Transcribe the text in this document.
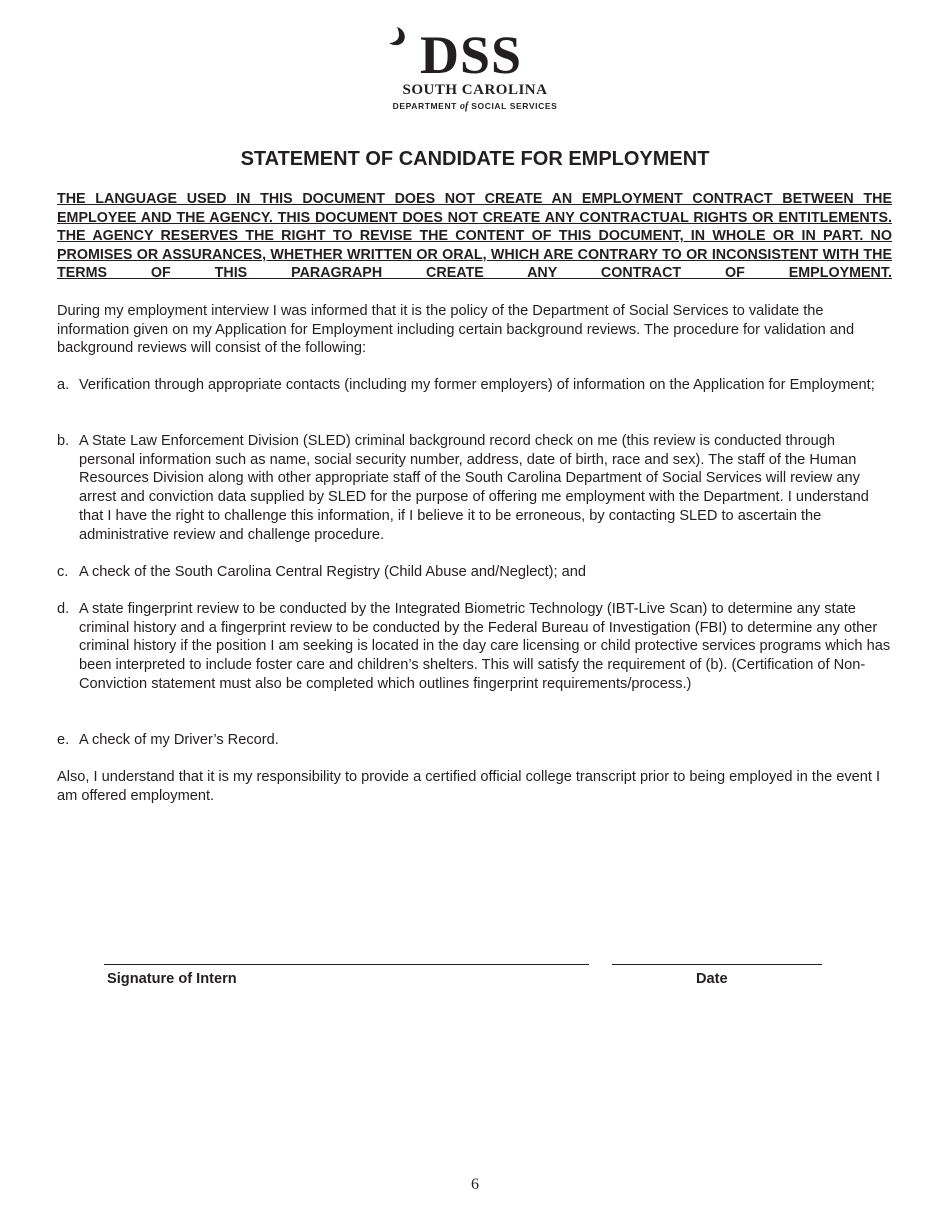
DSS
SOUTH CAROLINA
DEPARTMENT of SOCIAL SERVICES
STATEMENT OF CANDIDATE FOR EMPLOYMENT

THE LANGUAGE USED IN THIS DOCUMENT DOES NOT CREATE AN EMPLOYMENT CONTRACT BETWEEN THE EMPLOYEE AND THE AGENCY. THIS DOCUMENT DOES NOT CREATE ANY CONTRACTUAL RIGHTS OR ENTITLEMENTS. THE AGENCY RESERVES THE RIGHT TO REVISE THE CONTENT OF THIS DOCUMENT, IN WHOLE OR IN PART. NO PROMISES OR ASSURANCES, WHETHER WRITTEN OR ORAL, WHICH ARE CONTRARY TO OR INCONSISTENT WITH THE TERMS OF THIS PARAGRAPH CREATE ANY CONTRACT OF EMPLOYMENT.

During my employment interview I was informed that it is the policy of the Department of Social Services to validate the information given on my Application for Employment including certain background reviews. The procedure for validation and background reviews will consist of the following:

a. Verification through appropriate contacts (including my former employers) of information on the Application for Employment;
b. A State Law Enforcement Division (SLED) criminal background record check on me (this review is conducted through personal information such as name, social security number, address, date of birth, race and sex). The staff of the Human Resources Division along with other appropriate staff of the South Carolina Department of Social Services will review any arrest and conviction data supplied by SLED for the purpose of offering me employment with the Department. I understand that I have the right to challenge this information, if I believe it to be erroneous, by contacting SLED to ascertain the administrative review and challenge procedure.
c. A check of the South Carolina Central Registry (Child Abuse and/Neglect); and
d. A state fingerprint review to be conducted by the Integrated Biometric Technology (IBT-Live Scan) to determine any state criminal history and a fingerprint review to be conducted by the Federal Bureau of Investigation (FBI) to determine any other criminal history if the position I am seeking is located in the day care licensing or child protective services programs which has been interpreted to include foster care and children’s shelters. This will satisfy the requirement of (b). (Certification of Non-Conviction statement must also be completed which outlines fingerprint requirements/process.)
e. A check of my Driver’s Record.

Also, I understand that it is my responsibility to provide a certified official college transcript prior to being employed in the event I am offered employment.

Signature of Intern	Date

6
